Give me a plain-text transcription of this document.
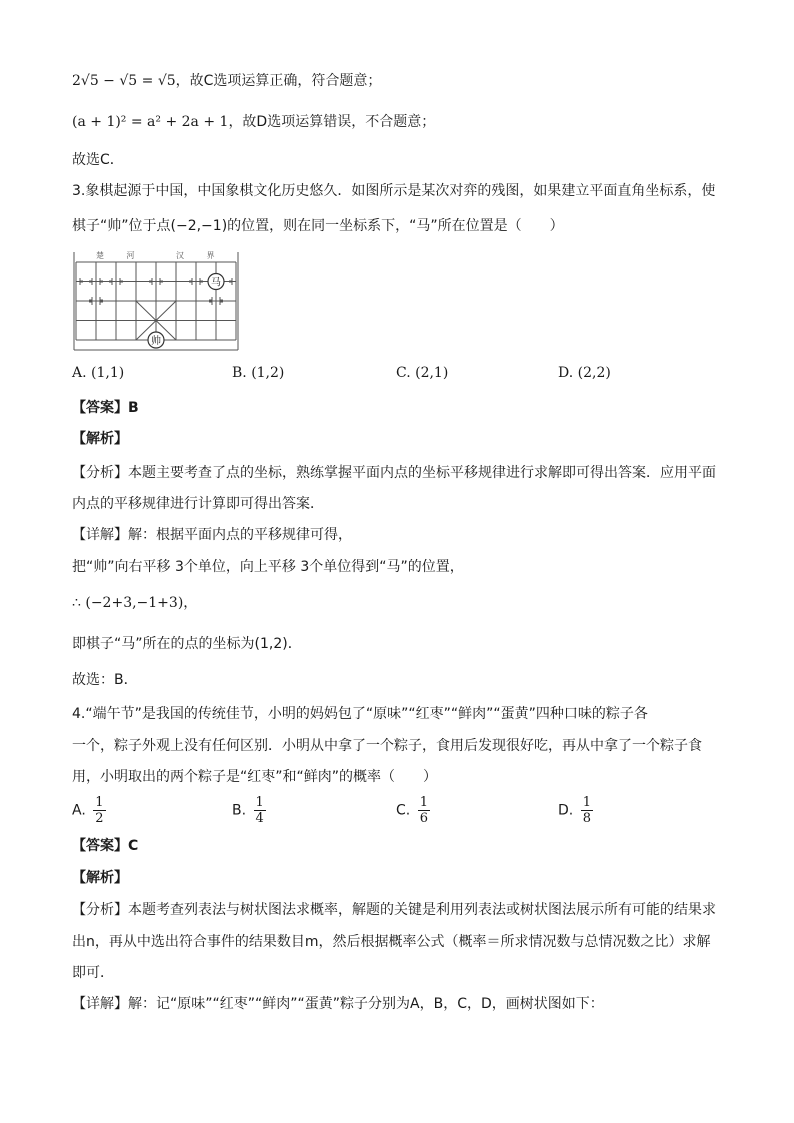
2√5 − √5 = √5，故C选项运算正确，符合题意；
(a + 1)² = a² + 2a + 1，故D选项运算错误，不合题意；
故选C．
3.象棋起源于中国，中国象棋文化历史悠久．如图所示是某次对弈的残图，如果建立平面直角坐标系，使
棋子“帅”位于点(−2,−1)的位置，则在同一坐标系下，“马”所在位置是（　　）
楚 河	汉 界
马
帅
A. (1,1)	B. (1,2)	C. (2,1)	D. (2,2)
【答案】B
【解析】
【分析】本题主要考查了点的坐标，熟练掌握平面内点的坐标平移规律进行求解即可得出答案．应用平面
内点的平移规律进行计算即可得出答案．
【详解】解：根据平面内点的平移规律可得，
把“帅”向右平移 3个单位，向上平移 3个单位得到“马”的位置，
∴ (−2+3,−1+3)，
即棋子“马”所在的点的坐标为(1,2)．
故选：B．
4.“端午节”是我国的传统佳节，小明的妈妈包了“原味”“红枣”“鲜肉”“蛋黄”四种口味的粽子各
一个，粽子外观上没有任何区别．小明从中拿了一个粽子，食用后发现很好吃，再从中拿了一个粽子食
用，小明取出的两个粽子是“红枣”和“鲜肉”的概率（　　）
A. $\frac{1}{2}$	B. $\frac{1}{4}$	C. $\frac{1}{6}$	D. $\frac{1}{8}$
【答案】C
【解析】
【分析】本题考查列表法与树状图法求概率，解题的关键是利用列表法或树状图法展示所有可能的结果求
出n，再从中选出符合事件的结果数目m，然后根据概率公式（概率＝所求情况数与总情况数之比）求解
即可．
【详解】解：记“原味”“红枣”“鲜肉”“蛋黄”粽子分别为A，B，C，D，画树状图如下：
